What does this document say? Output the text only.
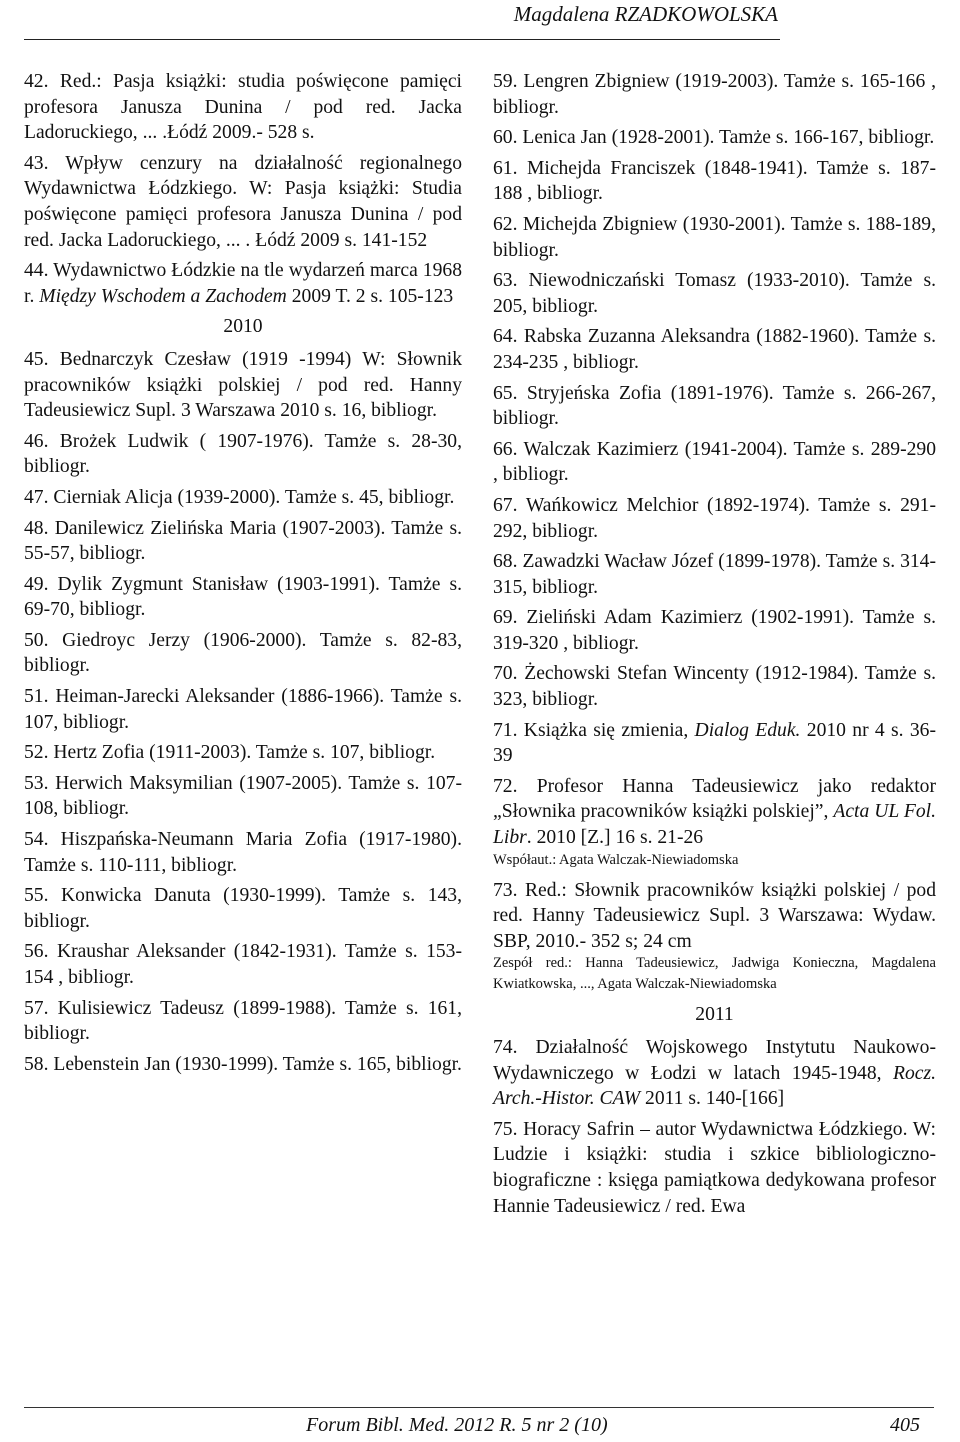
Magdalena RZADKOWOLSKA

42. Red.: Pasja książki: studia poświęcone pamięci profesora Janusza Dunina / pod red. Jacka Ladoruckiego, ... .Łódź 2009.- 528 s.

43. Wpływ cenzury na działalność regionalnego Wydawnictwa Łódzkiego. W: Pasja książki: Studia poświęcone pamięci profesora Janusza Dunina / pod red. Jacka Ladoruckiego, ... . Łódź 2009 s. 141-152

44. Wydawnictwo Łódzkie na tle wydarzeń marca 1968 r. Między Wschodem a Zachodem 2009 T. 2 s. 105-123

2010

45. Bednarczyk Czesław (1919 -1994) W: Słownik pracowników książki polskiej / pod red. Hanny Tadeusiewicz Supl. 3 Warszawa 2010 s. 16, bibliogr.

46. Brożek Ludwik ( 1907-1976). Tamże s. 28-30, bibliogr.

47. Cierniak Alicja (1939-2000). Tamże s. 45, bibliogr.

48. Danilewicz Zielińska Maria (1907-2003). Tamże s. 55-57, bibliogr.

49. Dylik Zygmunt Stanisław (1903-1991). Tamże s. 69-70, bibliogr.

50. Giedroyc Jerzy (1906-2000). Tamże s. 82-83, bibliogr.

51. Heiman-Jarecki Aleksander (1886-1966). Tamże s. 107, bibliogr.

52. Hertz Zofia (1911-2003). Tamże s. 107, bibliogr.

53. Herwich Maksymilian (1907-2005). Tamże s. 107-108, bibliogr.

54. Hiszpańska-Neumann Maria Zofia (1917-1980). Tamże s. 110-111, bibliogr.

55. Konwicka Danuta (1930-1999). Tamże s. 143, bibliogr.

56. Kraushar Aleksander (1842-1931). Tamże s. 153-154 , bibliogr.

57. Kulisiewicz Tadeusz (1899-1988). Tamże s. 161, bibliogr.

58. Lebenstein Jan (1930-1999). Tamże s. 165, bibliogr.

59. Lengren Zbigniew (1919-2003). Tamże s. 165-166 , bibliogr.

60. Lenica Jan (1928-2001). Tamże s. 166-167, bibliogr.

61. Michejda Franciszek (1848-1941). Tamże s. 187-188 , bibliogr.

62. Michejda Zbigniew (1930-2001). Tamże s. 188-189, bibliogr.

63. Niewodniczański Tomasz (1933-2010). Tamże s. 205, bibliogr.

64. Rabska Zuzanna Aleksandra (1882-1960). Tamże s. 234-235 , bibliogr.

65. Stryjeńska Zofia (1891-1976). Tamże s. 266-267, bibliogr.

66. Walczak Kazimierz (1941-2004). Tamże s. 289-290 , bibliogr.

67. Wańkowicz Melchior (1892-1974). Tamże s. 291-292, bibliogr.

68. Zawadzki Wacław Józef (1899-1978). Tamże s. 314-315, bibliogr.

69. Zieliński Adam Kazimierz (1902-1991). Tamże s. 319-320 , bibliogr.

70. Żechowski Stefan Wincenty (1912-1984). Tamże s. 323, bibliogr.

71. Książka się zmienia, Dialog Eduk. 2010 nr 4 s. 36-39

72. Profesor Hanna Tadeusiewicz jako redaktor „Słownika pracowników książki polskiej”, Acta UL Fol. Libr. 2010 [Z.] 16 s. 21-26

Współaut.: Agata Walczak-Niewiadomska

73. Red.: Słownik pracowników książki polskiej / pod red. Hanny Tadeusiewicz Supl. 3 Warszawa: Wydaw. SBP, 2010.- 352 s; 24 cm

Zespół red.: Hanna Tadeusiewicz, Jadwiga Konieczna, Magdalena Kwiatkowska, ..., Agata Walczak-Niewiadomska

2011

74. Działalność Wojskowego Instytutu Naukowo-Wydawniczego w Łodzi w latach 1945-1948, Rocz. Arch.-Histor. CAW 2011 s. 140-[166]

75. Horacy Safrin – autor Wydawnictwa Łódzkiego. W: Ludzie i książki: studia i szkice bibliologiczno-biograficzne : księga pamiątkowa dedykowana profesor Hannie Tadeusiewicz / red. Ewa

Forum Bibl. Med. 2012 R. 5 nr 2 (10)	405
